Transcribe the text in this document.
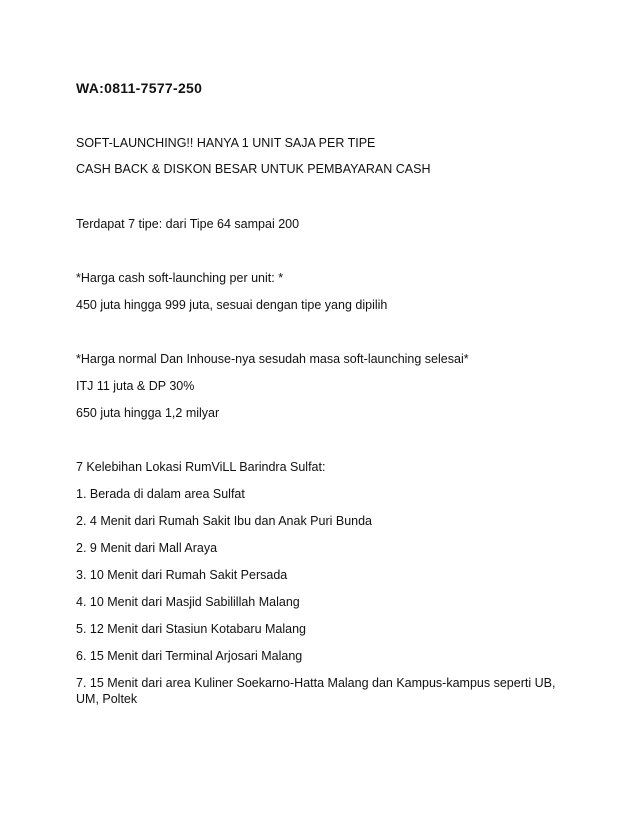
WA:0811-7577-250
SOFT-LAUNCHING!! HANYA 1 UNIT SAJA PER TIPE
CASH BACK & DISKON BESAR UNTUK PEMBAYARAN CASH
Terdapat 7 tipe: dari Tipe 64 sampai 200
*Harga cash soft-launching per unit: *
450 juta hingga 999 juta, sesuai dengan tipe yang dipilih
*Harga normal Dan Inhouse-nya sesudah masa soft-launching selesai*
ITJ 11 juta & DP 30%
650 juta hingga 1,2 milyar
7 Kelebihan Lokasi RumViLL Barindra Sulfat:
1. Berada di dalam area Sulfat
2. 4 Menit dari Rumah Sakit Ibu dan Anak Puri Bunda
2. 9 Menit dari Mall Araya
3. 10 Menit dari Rumah Sakit Persada
4. 10 Menit dari Masjid Sabilillah Malang
5. 12 Menit dari Stasiun Kotabaru Malang
6. 15 Menit dari Terminal Arjosari Malang
7. 15 Menit dari area Kuliner Soekarno-Hatta Malang dan Kampus-kampus seperti UB, UM, Poltek
